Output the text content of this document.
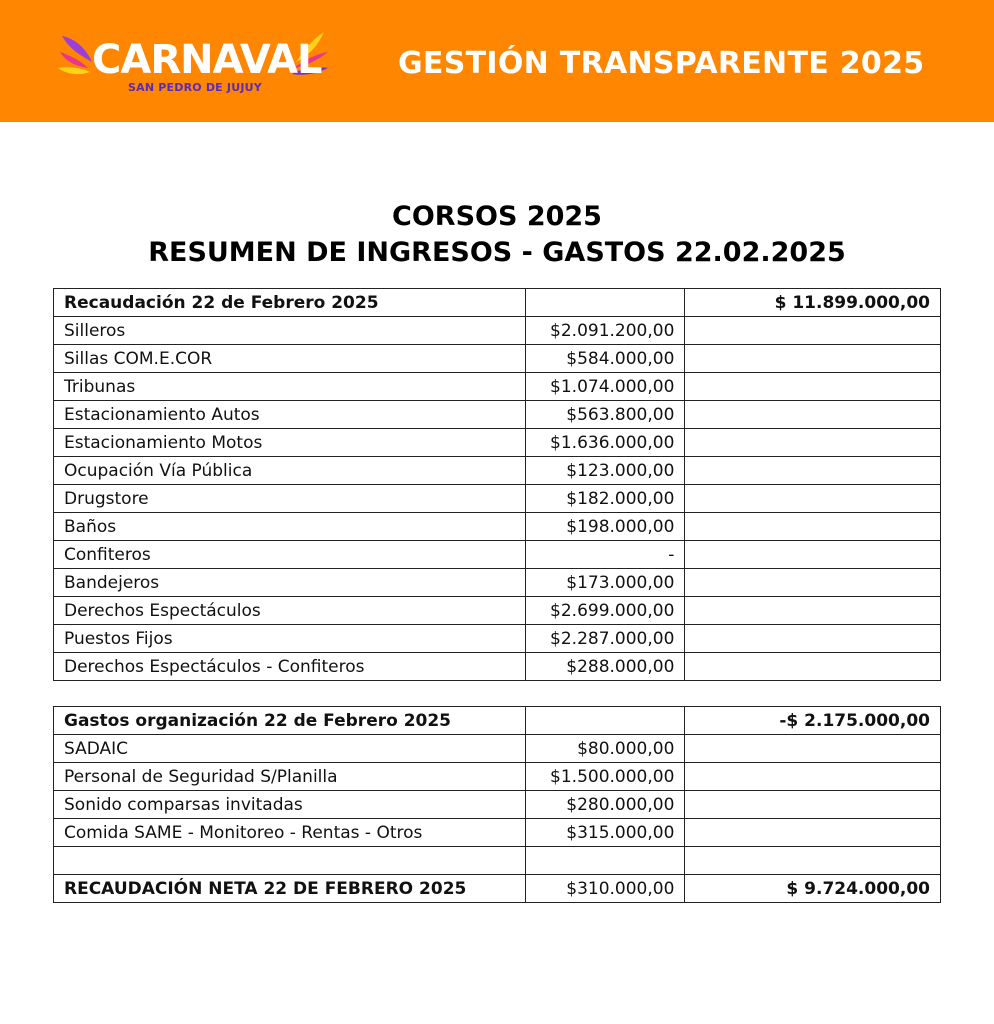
CARNAVAL
SAN PEDRO DE JUJUY
GESTIÓN TRANSPARENTE 2025
CORSOS 2025
RESUMEN DE INGRESOS - GASTOS 22.02.2025
Recaudación 22 de Febrero 2025		$ 11.899.000,00
Silleros	$2.091.200,00	
Sillas COM.E.COR	$584.000,00	
Tribunas	$1.074.000,00	
Estacionamiento Autos	$563.800,00	
Estacionamiento Motos	$1.636.000,00	
Ocupación Vía Pública	$123.000,00	
Drugstore	$182.000,00	
Baños	$198.000,00	
Confiteros	-	
Bandejeros	$173.000,00	
Derechos Espectáculos	$2.699.000,00	
Puestos Fijos	$2.287.000,00	
Derechos Espectáculos - Confiteros	$288.000,00	
Gastos organización 22 de Febrero 2025		-$ 2.175.000,00
SADAIC	$80.000,00	
Personal de Seguridad S/Planilla	$1.500.000,00	
Sonido comparsas invitadas	$280.000,00	
Comida SAME - Monitoreo - Rentas - Otros	$315.000,00	

RECAUDACIÓN NETA 22 DE FEBRERO 2025	$310.000,00	$ 9.724.000,00
